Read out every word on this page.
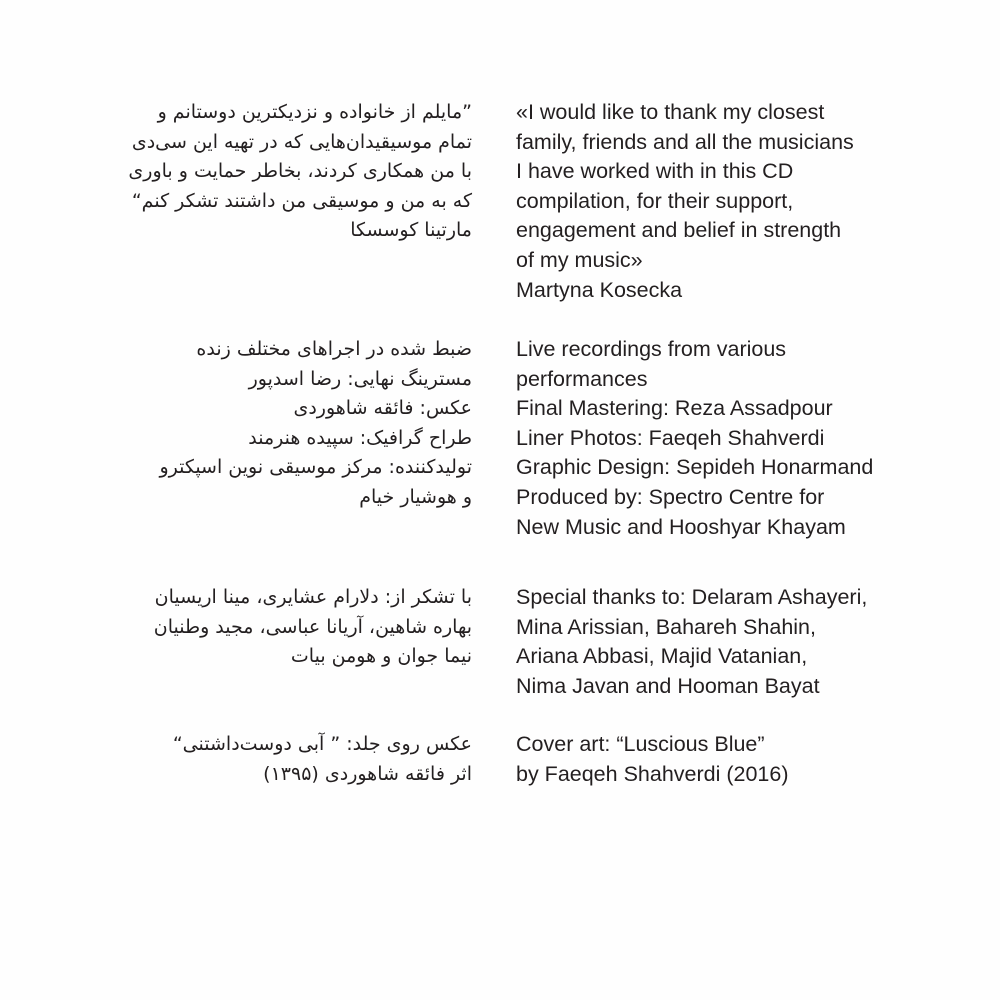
”مایلم از خانواده و نزدیکترین دوستانم و
تمام موسیقیدان‌هایی که در تهیه این سی‌دی
با من همکاری کردند، بخاطر حمایت و باوری
که به من و موسیقی من داشتند تشکر کنم“
مارتینا کوسسکا
ضبط شده در اجراهای مختلف زنده
مسترینگ نهایی: رضا اسدپور
عکس: فائقه شاهوردی
طراح گرافیک: سپیده هنرمند
تولیدکننده: مرکز موسیقی نوین اسپکترو
و هوشیار خیام
با تشکر از: دلارام عشایری، مینا اریسیان
بهاره شاهین، آریانا عباسی، مجید وطنیان
نیما جوان و هومن بیات
عکس روی جلد: ” آبی دوست‌داشتنی“
اثر فائقه شاهوردی (۱۳۹۵)
«I would like to thank my closest
family, friends and all the musicians
I have worked with in this CD
compilation, for their support,
engagement and belief in strength
of my music»
Martyna Kosecka
Live recordings from various
performances
Final Mastering: Reza Assadpour
Liner Photos: Faeqeh Shahverdi
Graphic Design: Sepideh Honarmand
Produced by: Spectro Centre for
New Music and Hooshyar Khayam
Special thanks to: Delaram Ashayeri,
Mina Arissian, Bahareh Shahin,
Ariana Abbasi, Majid Vatanian,
Nima Javan and Hooman Bayat
Cover art: “Luscious Blue”
by Faeqeh Shahverdi (2016)
